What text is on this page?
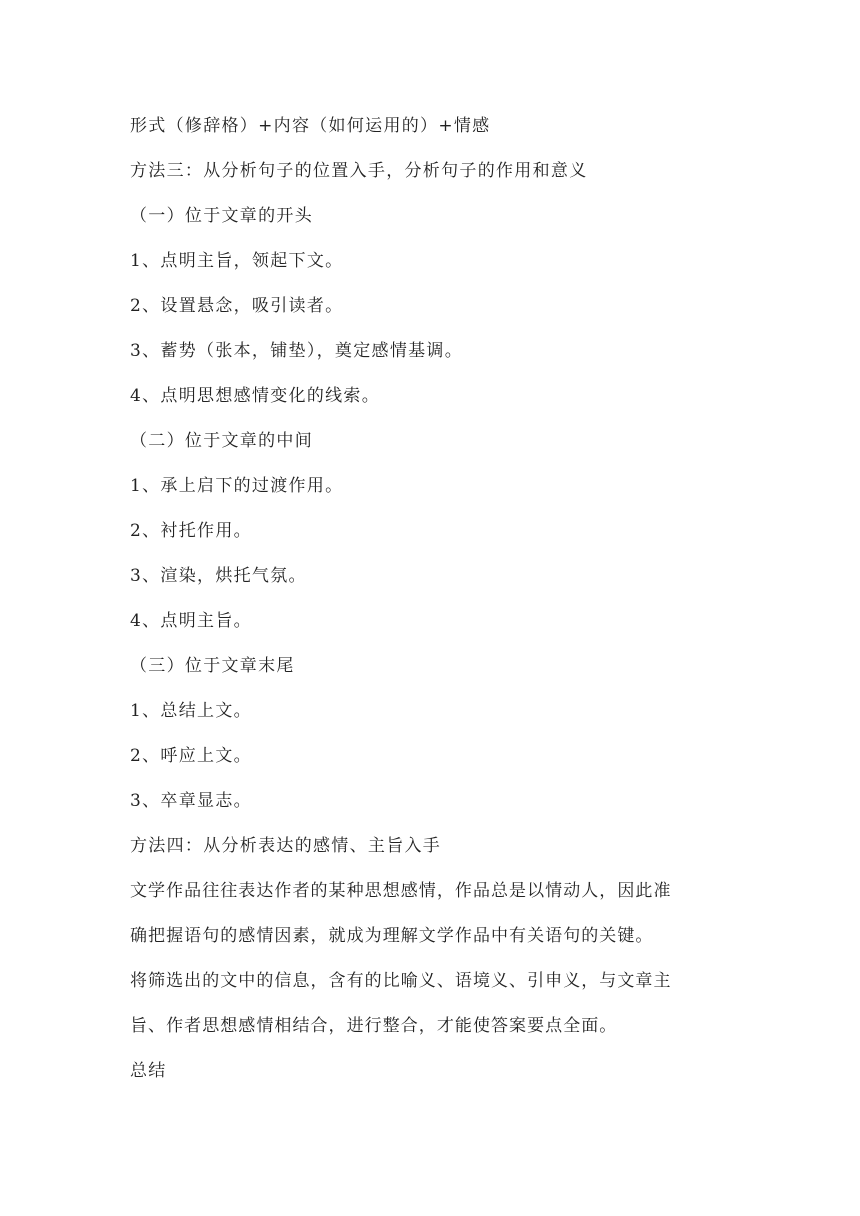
形式（修辞格）+内容（如何运用的）+情感
方法三：从分析句子的位置入手，分析句子的作用和意义
（一）位于文章的开头
1、点明主旨，领起下文。
2、设置悬念，吸引读者。
3、蓄势（张本，铺垫），奠定感情基调。
4、点明思想感情变化的线索。
（二）位于文章的中间
1、承上启下的过渡作用。
2、衬托作用。
3、渲染，烘托气氛。
4、点明主旨。
（三）位于文章末尾
1、总结上文。
2、呼应上文。
3、卒章显志。
方法四：从分析表达的感情、主旨入手
文学作品往往表达作者的某种思想感情，作品总是以情动人，因此准
确把握语句的感情因素，就成为理解文学作品中有关语句的关键。
将筛选出的文中的信息，含有的比喻义、语境义、引申义，与文章主
旨、作者思想感情相结合，进行整合，才能使答案要点全面。
总结
